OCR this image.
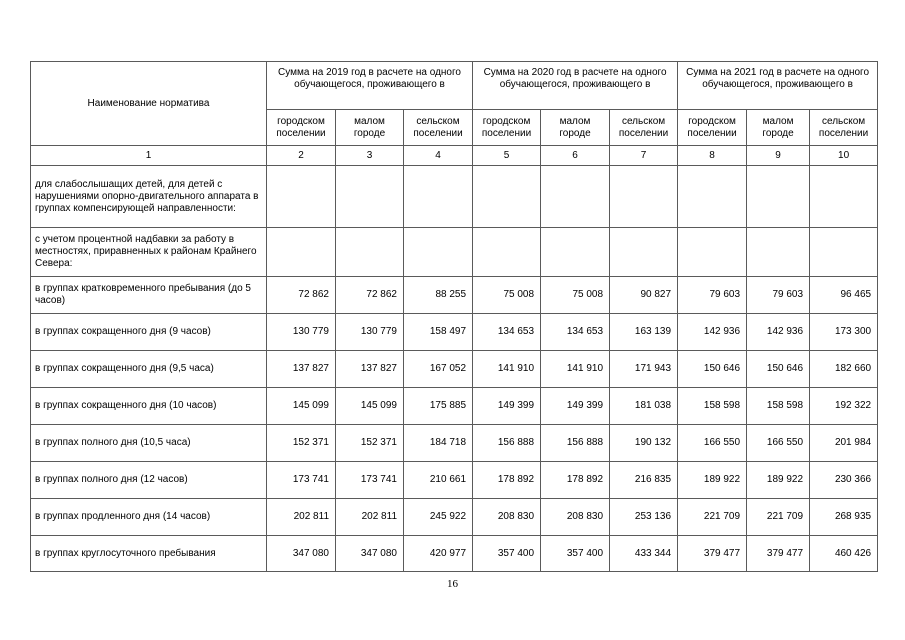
Наименование норматива	Сумма на 2019 год в расчете на одного обучающегося, проживающего в			Сумма на 2020 год в расчете на одного обучающегося, проживающего в			Сумма на 2021 год в расчете на одного обучающегося, проживающего в		
	городском поселении	малом городе	сельском поселении	городском поселении	малом городе	сельском поселении	городском поселении	малом городе	сельском поселении
1	2	3	4	5	6	7	8	9	10
для слабослышащих детей, для детей с нарушениями опорно-двигательного аппарата в группах компенсирующей направленности:									
с учетом процентной надбавки за работу в местностях, приравненных к районам Крайнего Севера:									
в группах кратковременного пребывания (до 5 часов)	72 862	72 862	88 255	75 008	75 008	90 827	79 603	79 603	96 465
в группах сокращенного дня (9 часов)	130 779	130 779	158 497	134 653	134 653	163 139	142 936	142 936	173 300
в группах сокращенного дня (9,5 часа)	137 827	137 827	167 052	141 910	141 910	171 943	150 646	150 646	182 660
в группах сокращенного дня (10 часов)	145 099	145 099	175 885	149 399	149 399	181 038	158 598	158 598	192 322
в группах полного дня (10,5 часа)	152 371	152 371	184 718	156 888	156 888	190 132	166 550	166 550	201 984
в группах полного дня (12 часов)	173 741	173 741	210 661	178 892	178 892	216 835	189 922	189 922	230 366
в группах продленного дня (14 часов)	202 811	202 811	245 922	208 830	208 830	253 136	221 709	221 709	268 935
в группах круглосуточного пребывания	347 080	347 080	420 977	357 400	357 400	433 344	379 477	379 477	460 426
16
